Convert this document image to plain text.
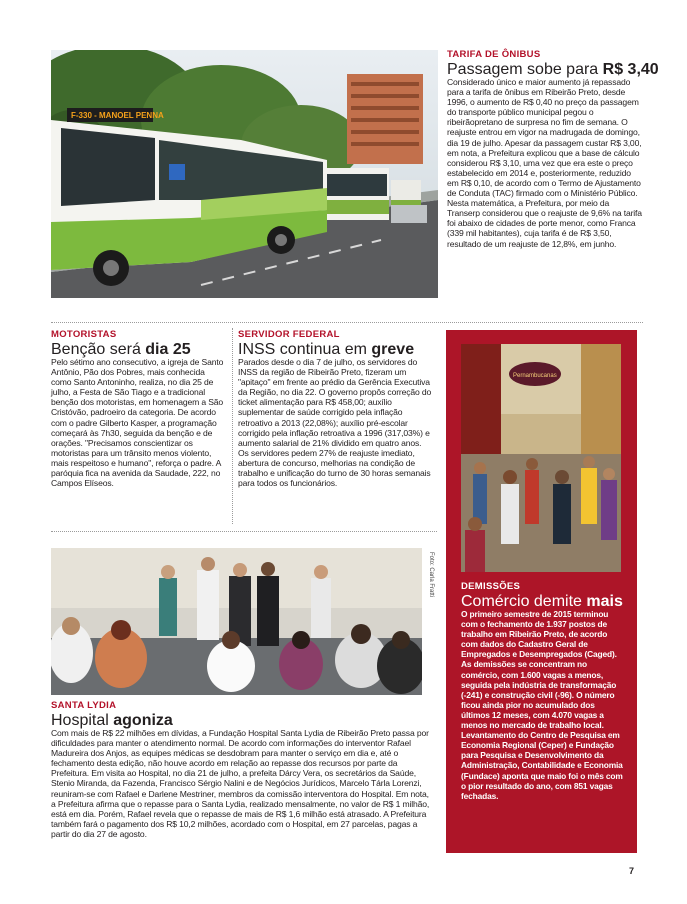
F-330 - MANOEL PENNA
TARIFA DE ÔNIBUS
Passagem sobe para R$ 3,40
Considerado único e maior aumento já repassado para a tarifa de ônibus em Ribeirão Preto, desde 1996, o aumento de R$ 0,40 no preço da passagem do transporte público municipal pegou o ribeirãopretano de surpresa no fim de semana. O reajuste entrou em vigor na madrugada de domingo, dia 19 de julho. Apesar da passagem custar R$ 3,00, em nota, a Prefeitura explicou que a base de cálculo considerou R$ 3,10, uma vez que era este o preço estabelecido em 2014 e, posteriormente, reduzido em R$ 0,10, de acordo com o Termo de Ajustamento de Conduta (TAC) firmado com o Ministério Público. Nesta matemática, a Prefeitura, por meio da Transerp considerou que o reajuste de 9,6% na tarifa foi abaixo de cidades de porte menor, como Franca (339 mil habitantes), cuja tarifa é de R$ 3,50, resultado de um reajuste de 12,8%, em junho.
MOTORISTAS
Benção será dia 25
Pelo sétimo ano consecutivo, a igreja de Santo Antônio, Pão dos Pobres, mais conhecida como Santo Antoninho, realiza, no dia 25 de julho, a Festa de São Tiago e a tradicional benção dos motoristas, em homenagem a São Cristóvão, padroeiro da categoria. De acordo com o padre Gilberto Kasper, a programação começará às 7h30, seguida da benção e de orações. "Precisamos conscientizar os motoristas para um trânsito menos violento, mais respeitoso e humano", reforça o padre. A paróquia fica na avenida da Saudade, 222, no Campos Elíseos.
SERVIDOR FEDERAL
INSS continua em greve
Parados desde o dia 7 de julho, os servidores do INSS da região de Ribeirão Preto, fizeram um "apitaço" em frente ao prédio da Gerência Executiva da Região, no dia 22. O governo propôs correção do ticket alimentação para R$ 458,00; auxílio suplementar de saúde corrigido pela inflação retroativo a 2013 (22,08%); auxílio pré-escolar corrigido pela inflação retroativa a 1996 (317,03%) e aumento salarial de 21% dividido em quatro anos. Os servidores pedem 27% de reajuste imediato, abertura de concurso, melhorias na condição de trabalho e unificação do turno de 30 horas semanais para todos os funcionários.
Foto: Carla Fratti
SANTA LYDIA
Hospital agoniza
Com mais de R$ 22 milhões em dívidas, a Fundação Hospital Santa Lydia de Ribeirão Preto passa por dificuldades para manter o atendimento normal. De acordo com informações do interventor Rafael Madureira dos Anjos, as equipes médicas se desdobram para manter o serviço em dia e, até o fechamento desta edição, não houve acordo em relação ao repasse dos recursos por parte da Prefeitura. Em visita ao Hospital, no dia 21 de julho, a prefeita Dárcy Vera, os secretários da Saúde, Stenio Miranda, da Fazenda, Francisco Sérgio Nalini e de Negócios Jurídicos, Marcelo Tárla Lorenzi, reuniram-se com Rafael e Darlene Mestriner, membros da comissão interventora do Hospital. Em nota, a Prefeitura afirma que o repasse para o Santa Lydia, realizado mensalmente, no valor de R$ 1 milhão, está em dia. Porém, Rafael revela que o repasse de mais de R$ 1,6 milhão está atrasado. A Prefeitura também fará o pagamento dos R$ 10,2 milhões, acordado com o Hospital, em 27 parcelas, pagas a partir do dia 27 de agosto.
Pernambucanas
DEMISSÕES
Comércio demite mais
O primeiro semestre de 2015 terminou com o fechamento de 1.937 postos de trabalho em Ribeirão Preto, de acordo com dados do Cadastro Geral de Empregados e Desempregados (Caged). As demissões se concentram no comércio, com 1.600 vagas a menos, seguida pela indústria de transformação (-241) e construção civil (-96). O número ficou ainda pior no acumulado dos últimos 12 meses, com 4.070 vagas a menos no mercado de trabalho local. Levantamento do Centro de Pesquisa em Economia Regional (Ceper) e Fundação para Pesquisa e Desenvolvimento da Administração, Contabilidade e Economia (Fundace) aponta que maio foi o mês com o pior resultado do ano, com 851 vagas fechadas.
7
